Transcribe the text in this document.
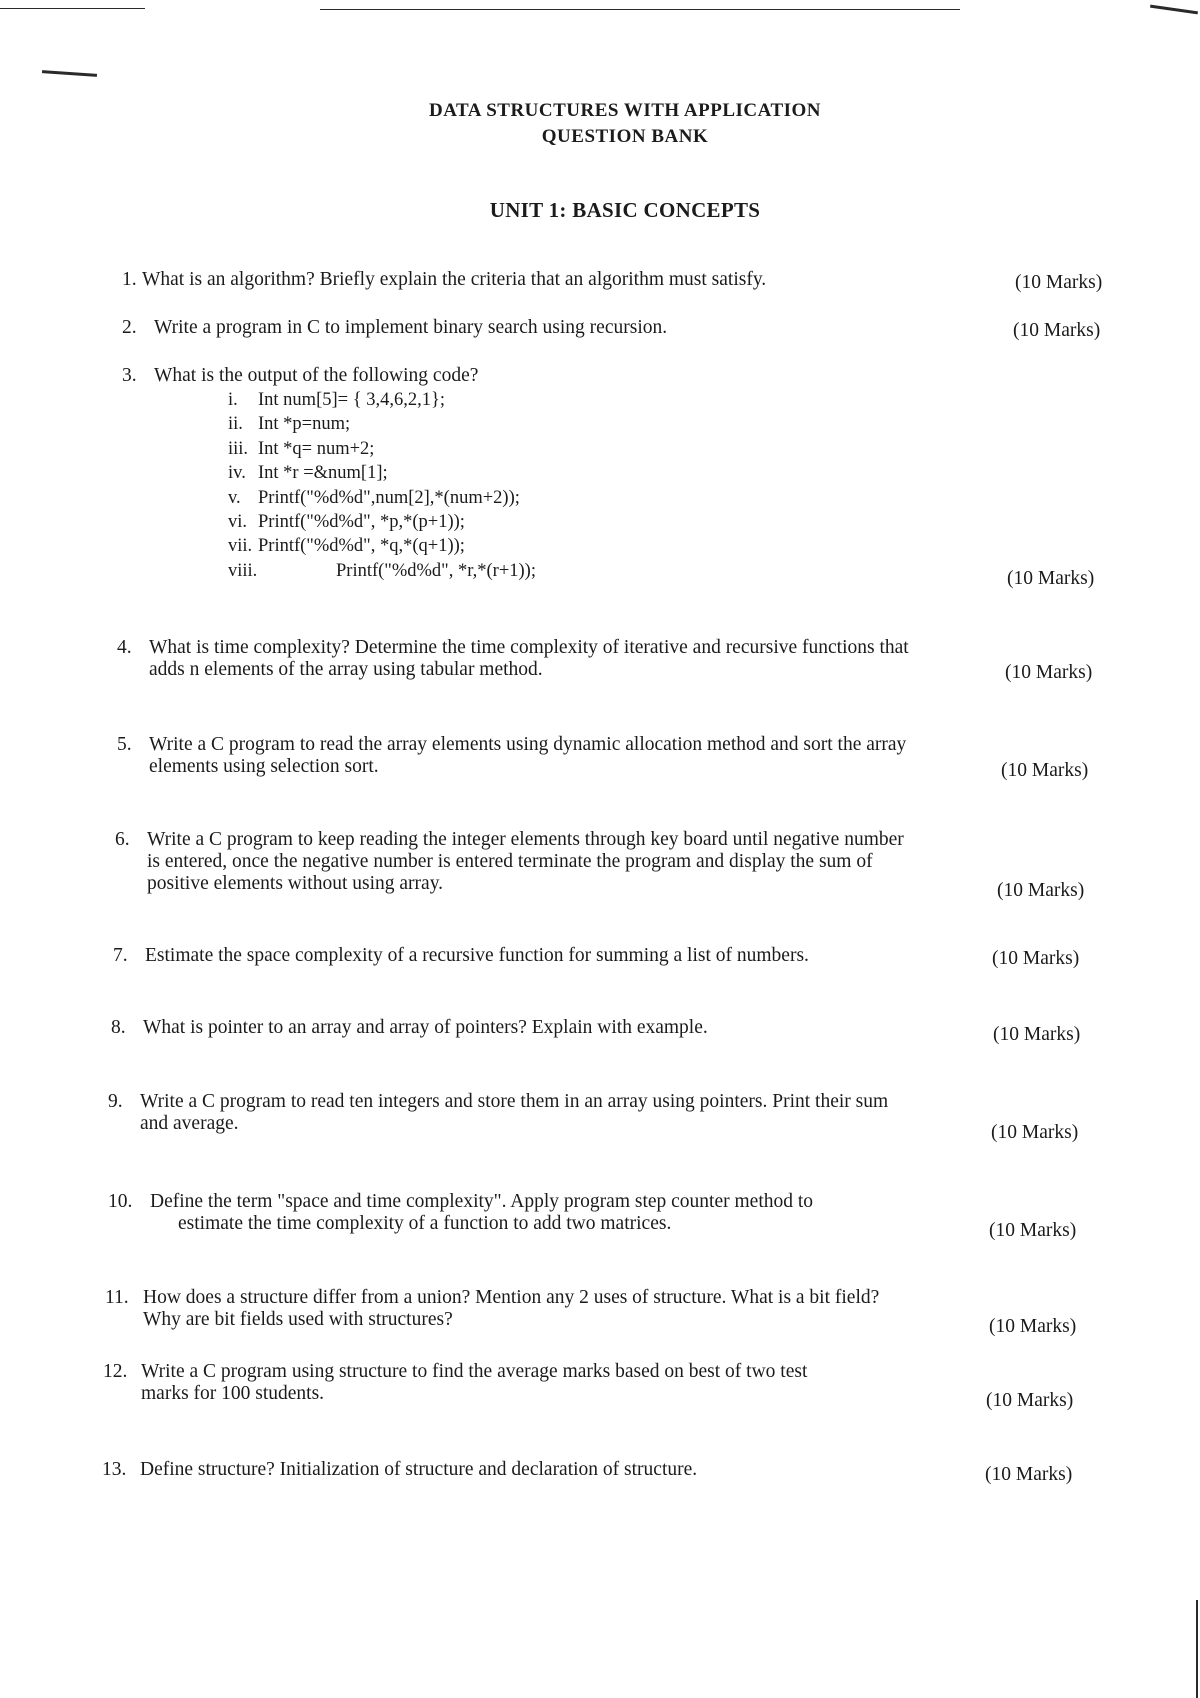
DATA STRUCTURES WITH APPLICATION
QUESTION BANK
UNIT 1: BASIC CONCEPTS
1. What is an algorithm? Briefly explain the criteria that an algorithm must satisfy.	(10 Marks)
2. Write a program in C to implement binary search using recursion.	(10 Marks)
3. What is the output of the following code?
i. Int num[5]= { 3,4,6,2,1};
ii. Int *p=num;
iii. Int *q= num+2;
iv. Int *r =&num[1];
v. Printf("%d%d",num[2],*(num+2));
vi. Printf("%d%d", *p,*(p+1));
vii. Printf("%d%d", *q,*(q+1));
viii.	Printf("%d%d", *r,*(r+1));	(10 Marks)
4. What is time complexity? Determine the time complexity of iterative and recursive functions that
adds n elements of the array using tabular method.	(10 Marks)
5. Write a C program to read the array elements using dynamic allocation method and sort the array
elements using selection sort.	(10 Marks)
6. Write a C program to keep reading the integer elements through key board until negative number
is entered, once the negative number is entered terminate the program and display the sum of
positive elements without using array.	(10 Marks)
7. Estimate the space complexity of a recursive function for summing a list of numbers.	(10 Marks)
8. What is pointer to an array and array of pointers? Explain with example.	(10 Marks)
9. Write a C program to read ten integers and store them in an array using pointers. Print their sum
and average.	(10 Marks)
10. Define the term "space and time complexity". Apply program step counter method to
estimate the time complexity of a function to add two matrices.	(10 Marks)
11. How does a structure differ from a union? Mention any 2 uses of structure. What is a bit field?
Why are bit fields used with structures?	(10 Marks)
12. Write a C program using structure to find the average marks based on best of two test
marks for 100 students.	(10 Marks)
13. Define structure? Initialization of structure and declaration of structure.	(10 Marks)
